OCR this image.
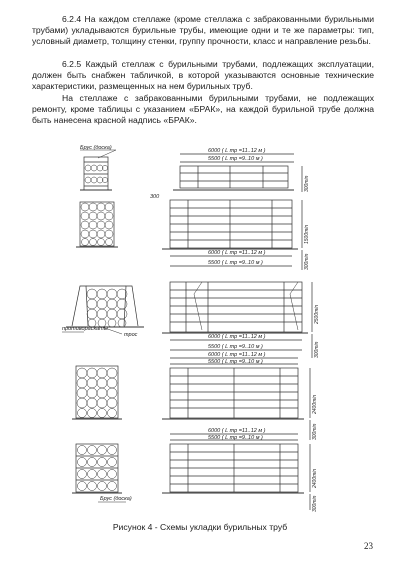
6.2.4 На каждом стеллаже (кроме стеллажа с забракованными бурильными трубами) укладываются бурильные трубы, имеющие одни и те же параметры: тип, условный диаметр, толщину стенки, группу прочности, класс и направление резьбы.

6.2.5 Каждый стеллаж с бурильными трубами, подлежащих эксплуатации, должен быть снабжен табличкой, в которой указываются основные технические характеристики, размещенных на нем бурильных труб.

На стеллаже с забракованными бурильными трубами, не подлежащих ремонту, кроме таблицы с указанием «БРАК», на каждой бурильной трубе должна быть нанесена красной надпись «БРАК».

Брус (доска)
300
противораскаты
трос
Брус (доска)
6000 ( L тр =11..12 м )
5500 ( L тр =9..10 м )
6000 ( L тр =11..12 м )
5500 ( L тр =9..10 м )
6000 ( L тр =11..12 м )
5500 ( L тр =9..10 м )
6000 ( L тр =11..12 м )
5500 ( L тр =9..10 м )
6000 ( L тр =11..12 м )
5500 ( L тр =9..10 м )
300min
1500min
300min
2500min
300min
2400min
300min
2400min
300min
Рисунок 4 - Схемы укладки бурильных труб
23
